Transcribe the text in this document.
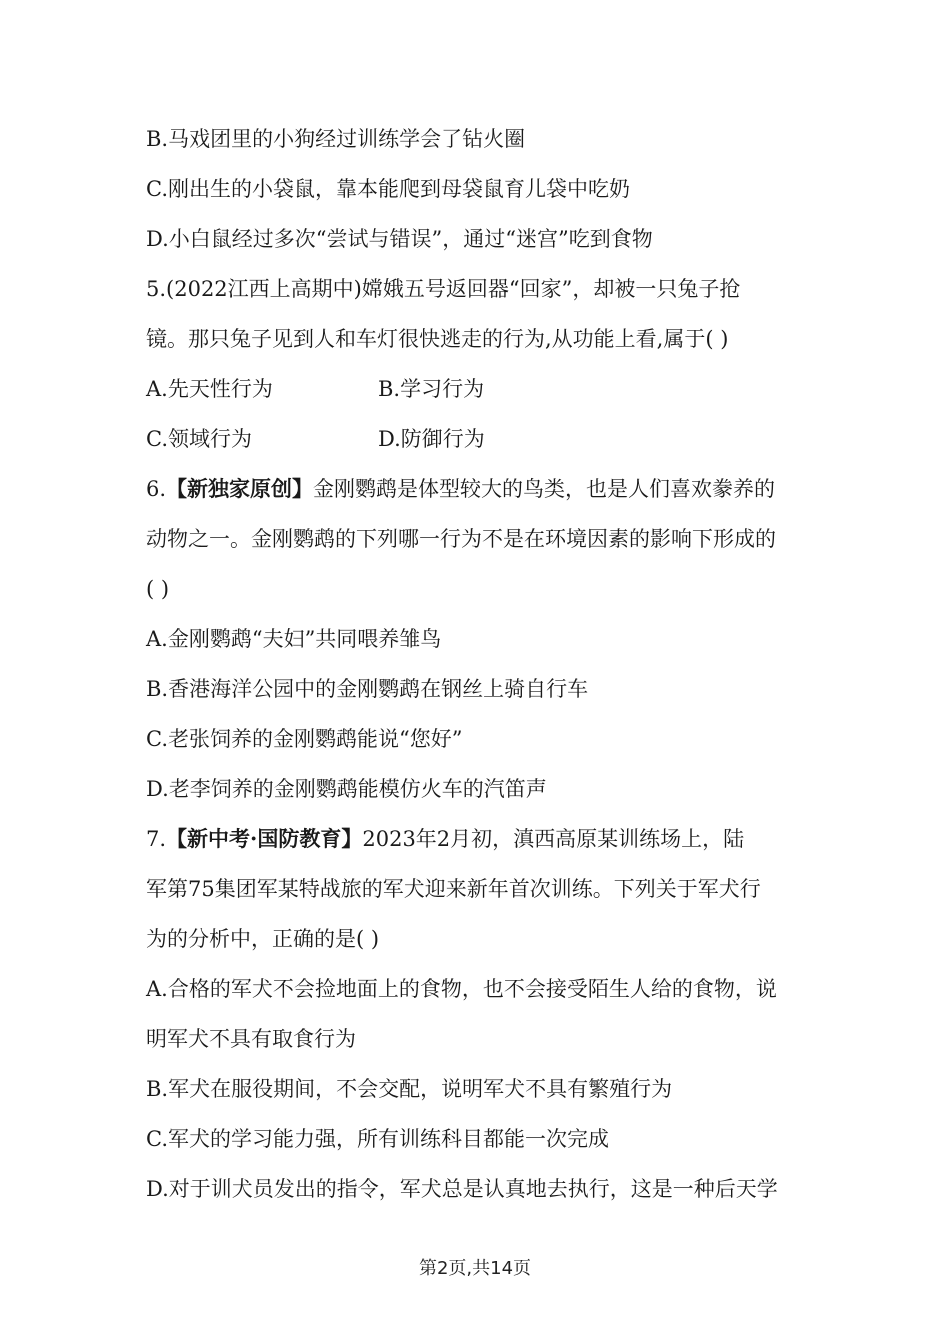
B.马戏团里的小狗经过训练学会了钻火圈
C.刚出生的小袋鼠，靠本能爬到母袋鼠育儿袋中吃奶
D.小白鼠经过多次“尝试与错误”，通过“迷宫”吃到食物
5.(2022江西上高期中)嫦娥五号返回器“回家”，却被一只兔子抢
镜。那只兔子见到人和车灯很快逃走的行为,从功能上看,属于( )
A.先天性行为	B.学习行为
C.领域行为	D.防御行为
6.【新独家原创】金刚鹦鹉是体型较大的鸟类，也是人们喜欢豢养的
动物之一。金刚鹦鹉的下列哪一行为不是在环境因素的影响下形成的
( )
A.金刚鹦鹉“夫妇”共同喂养雏鸟
B.香港海洋公园中的金刚鹦鹉在钢丝上骑自行车
C.老张饲养的金刚鹦鹉能说“您好”
D.老李饲养的金刚鹦鹉能模仿火车的汽笛声
7.【新中考·国防教育】2023年2月初，滇西高原某训练场上，陆
军第75集团军某特战旅的军犬迎来新年首次训练。下列关于军犬行
为的分析中，正确的是( )
A.合格的军犬不会捡地面上的食物，也不会接受陌生人给的食物，说
明军犬不具有取食行为
B.军犬在服役期间，不会交配，说明军犬不具有繁殖行为
C.军犬的学习能力强，所有训练科目都能一次完成
D.对于训犬员发出的指令，军犬总是认真地去执行，这是一种后天学
第2页,共14页
